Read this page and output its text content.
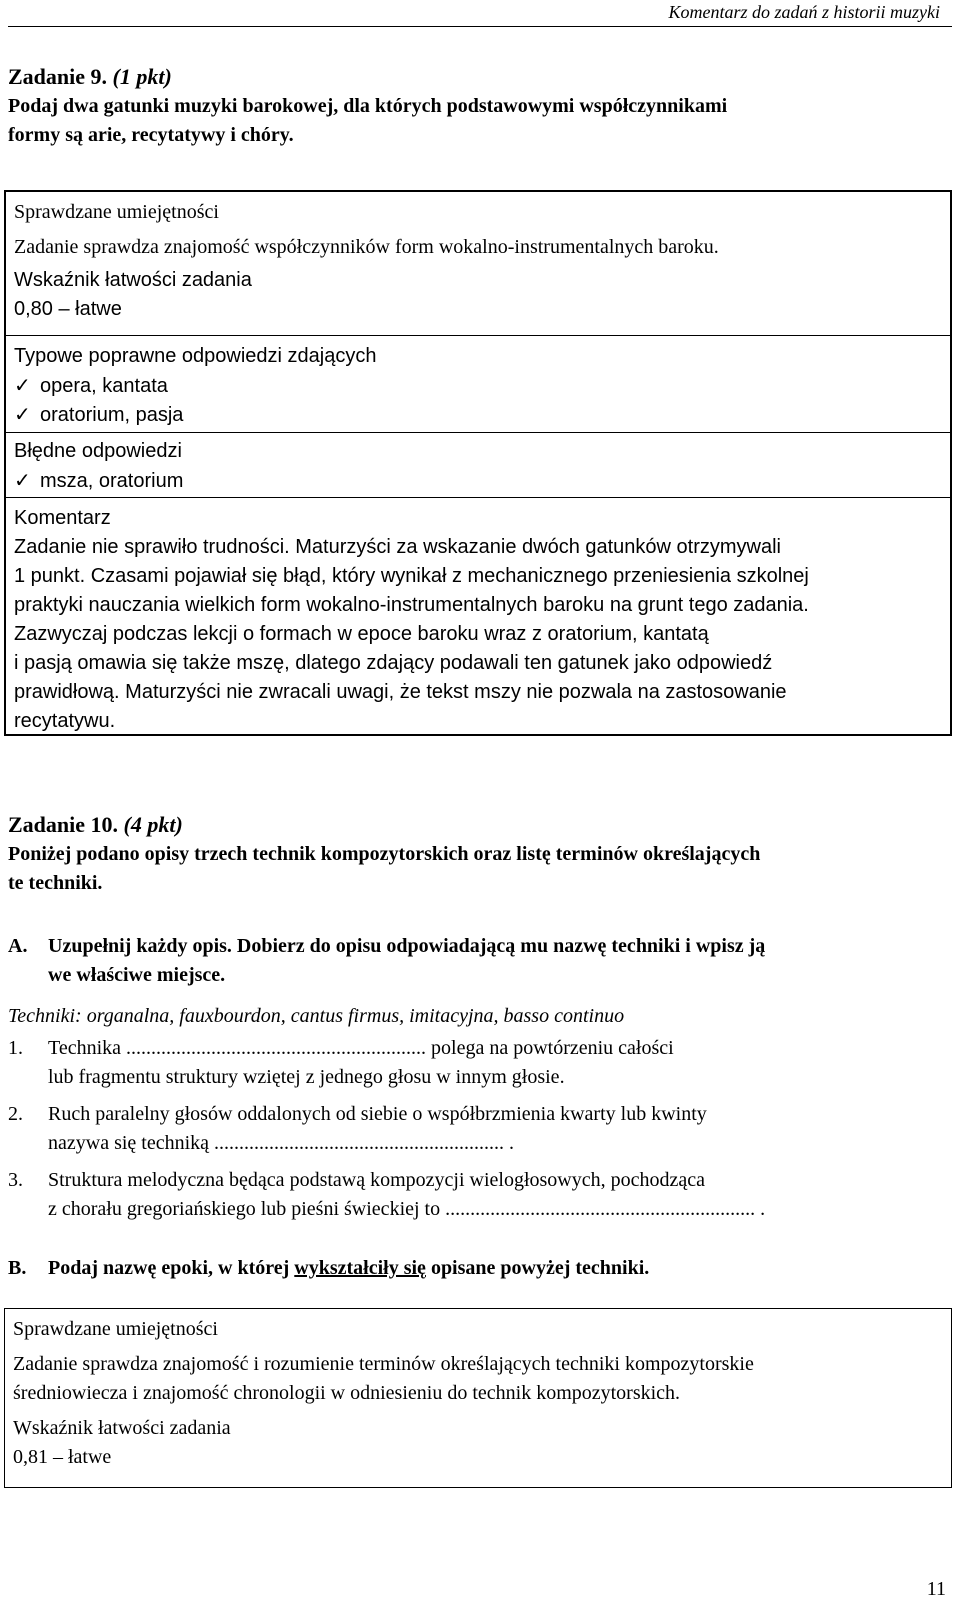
Komentarz do zadań z historii muzyki
Zadanie 9. (1 pkt)

Podaj dwa gatunki muzyki barokowej, dla których podstawowymi współczynnikami

formy są arie, recytatywy i chóry.

Sprawdzane umiejętności

Zadanie sprawdza znajomość współczynników form wokalno-instrumentalnych baroku.

Wskaźnik łatwości zadania

0,80 – łatwe

Typowe poprawne odpowiedzi zdających

✓ opera, kantata

✓ oratorium, pasja

Błędne odpowiedzi

✓ msza, oratorium

Komentarz

Zadanie nie sprawiło trudności. Maturzyści za wskazanie dwóch gatunków otrzymywali

1 punkt. Czasami pojawiał się błąd, który wynikał z mechanicznego przeniesienia szkolnej

praktyki nauczania wielkich form wokalno-instrumentalnych baroku na grunt tego zadania.

Zazwyczaj podczas lekcji o formach w epoce baroku wraz z oratorium, kantatą

i pasją omawia się także mszę, dlatego zdający podawali ten gatunek jako odpowiedź

prawidłową. Maturzyści nie zwracali uwagi, że tekst mszy nie pozwala na zastosowanie

recytatywu.

Zadanie 10. (4 pkt)

Poniżej podano opisy trzech technik kompozytorskich oraz listę terminów określających

te techniki.

A. Uzupełnij każdy opis. Dobierz do opisu odpowiadającą mu nazwę techniki i wpisz ją

we właściwe miejsce.

Techniki: organalna, fauxbourdon, cantus firmus, imitacyjna, basso continuo

1. Technika ............................................................ polega na powtórzeniu całości

lub fragmentu struktury wziętej z jednego głosu w innym głosie.

2. Ruch paralelny głosów oddalonych od siebie o współbrzmienia kwarty lub kwinty

nazywa się techniką .......................................................... .

3. Struktura melodyczna będąca podstawą kompozycji wielogłosowych, pochodząca

z chorału gregoriańskiego lub pieśni świeckiej to .............................................................. .

B. Podaj nazwę epoki, w której wykształciły się opisane powyżej techniki.

Sprawdzane umiejętności

Zadanie sprawdza znajomość i rozumienie terminów określających techniki kompozytorskie

średniowiecza i znajomość chronologii w odniesieniu do technik kompozytorskich.

Wskaźnik łatwości zadania

0,81 – łatwe

11
